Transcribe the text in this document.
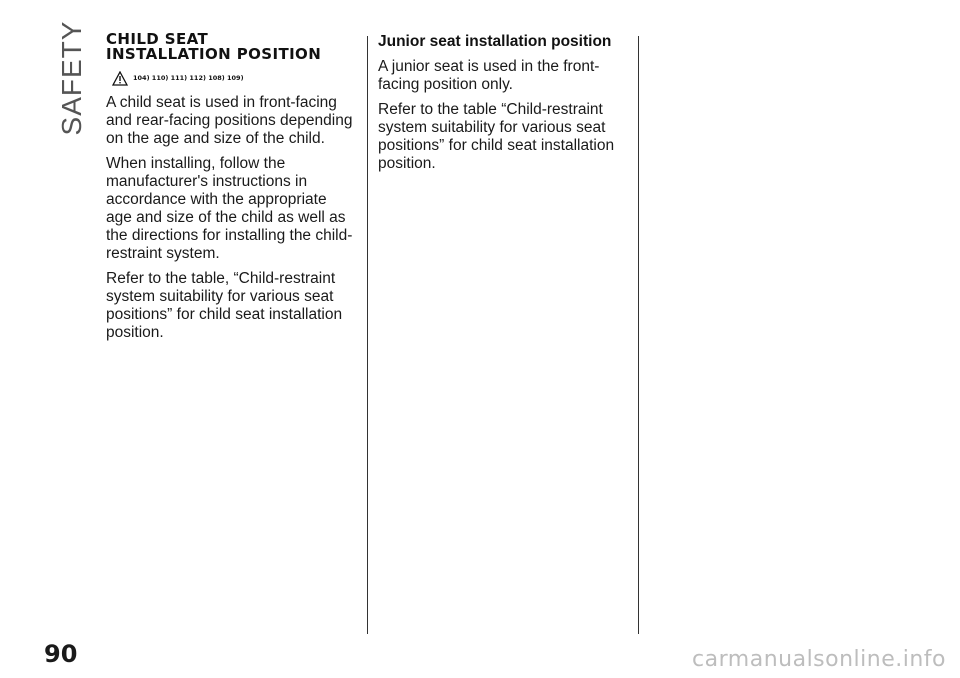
SAFETY CHILD SEAT
INSTALLATION POSITION
104) 110) 111) 112) 108) 109)

A child seat is used in front-facing and rear-facing positions depending on the age and size of the child.

When installing, follow the manufacturer's instructions in accordance with the appropriate age and size of the child as well as the directions for installing the child-restraint system.

Refer to the table, “Child-restraint system suitability for various seat positions” for child seat installation position.

Junior seat installation position

A junior seat is used in the front-facing position only.

Refer to the table “Child-restraint system suitability for various seat positions” for child seat installation position.

90	carmanualsonline.info
